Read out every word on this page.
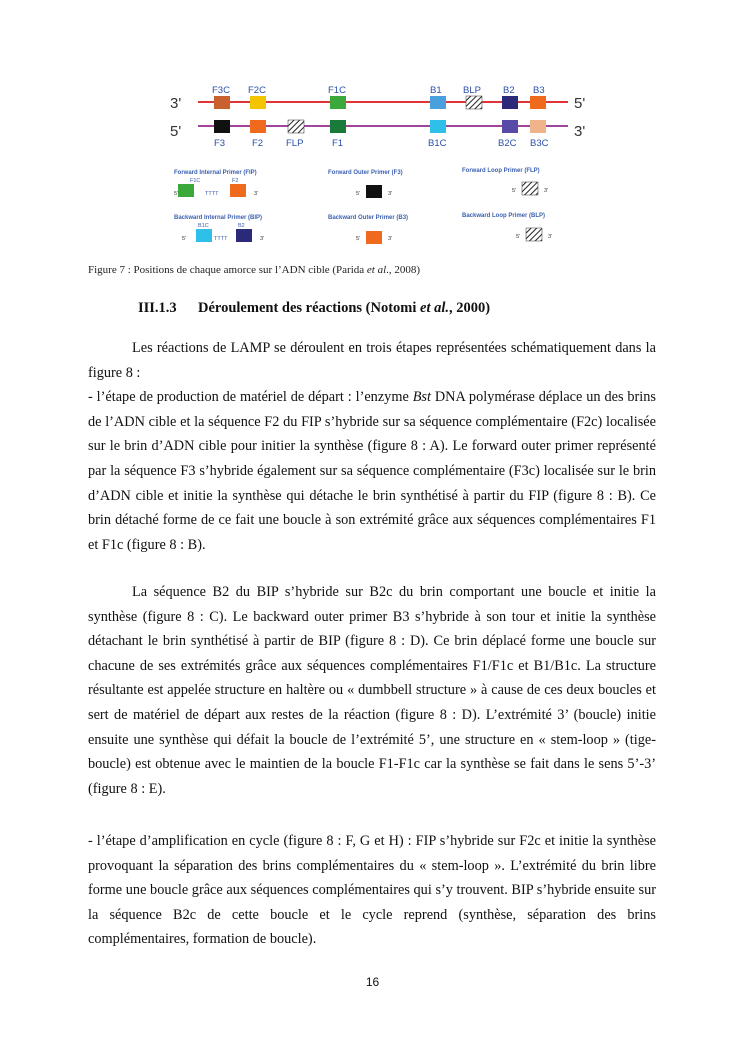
3'	5'
5'	3'
F3C F2C	F1C	B1 BLP B2 B3
F3	F2 FLP	F1	B1C	B2C B3C
Forward Internal Primer (FIP)	Forward Outer Primer (F3)	Forward Loop Primer (FLP)
Backward Internal Primer (BIP)	Backward Outer Primer (B3)	Backward Loop Primer (BLP)
F1C	F2
5'	TTTT	3'	5'	3'	5'	3'
B1C	B2
5'	TTTT	3'	5'	3'	5'	3'
Figure 7 : Positions de chaque amorce sur l’ADN cible (Parida et al., 2008)
III.1.3 Déroulement des réactions (Notomi et al., 2000)
Les réactions de LAMP se déroulent en trois étapes représentées schématiquement dans la figure 8 :
- l’étape de production de matériel de départ : l’enzyme Bst DNA polymérase déplace un des brins de l’ADN cible et la séquence F2 du FIP s’hybride sur sa séquence complémentaire (F2c) localisée sur le brin d’ADN cible pour initier la synthèse (figure 8 : A). Le forward outer primer représenté par la séquence F3 s’hybride également sur sa séquence complémentaire (F3c) localisée sur le brin d’ADN cible et initie la synthèse qui détache le brin synthétisé à partir du FIP (figure 8 : B). Ce brin détaché forme de ce fait une boucle à son extrémité grâce aux séquences complémentaires F1 et F1c (figure 8 : B).
La séquence B2 du BIP s’hybride sur B2c du brin comportant une boucle et initie la synthèse (figure 8 : C). Le backward outer primer B3 s’hybride à son tour et initie la synthèse détachant le brin synthétisé à partir de BIP (figure 8 : D). Ce brin déplacé forme une boucle sur chacune de ses extrémités grâce aux séquences complémentaires F1/F1c et B1/B1c. La structure résultante est appelée structure en haltère ou « dumbbell structure » à cause de ces deux boucles et sert de matériel de départ aux restes de la réaction (figure 8 : D). L’extrémité 3’ (boucle) initie ensuite une synthèse qui défait la boucle de l’extrémité 5’, une structure en « stem-loop » (tige-boucle) est obtenue avec le maintien de la boucle F1-F1c car la synthèse se fait dans le sens 5’-3’ (figure 8 : E).
- l’étape d’amplification en cycle (figure 8 : F, G et H) : FIP s’hybride sur F2c et initie la synthèse provoquant la séparation des brins complémentaires du « stem-loop ». L’extrémité du brin libre forme une boucle grâce aux séquences complémentaires qui s’y trouvent. BIP s’hybride ensuite sur la séquence B2c de cette boucle et le cycle reprend (synthèse, séparation des brins complémentaires, formation de boucle).
16
